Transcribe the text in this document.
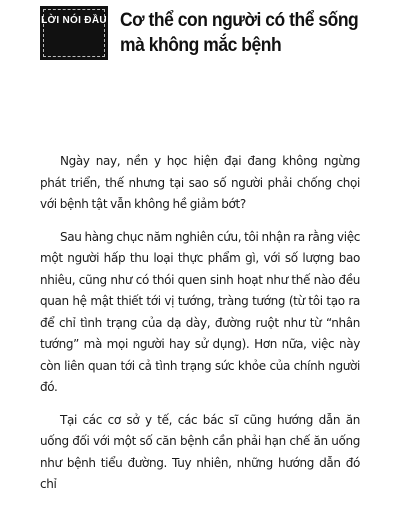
LỜI NÓI ĐẦU Cơ thể con người có thể sống
mà không mắc bệnh

Ngày nay, nền y học hiện đại đang không ngừng phát triển, thế nhưng tại sao số người phải chống chọi với bệnh tật vẫn không hề giảm bớt?

Sau hàng chục năm nghiên cứu, tôi nhận ra rằng việc một người hấp thu loại thực phẩm gì, với số lượng bao nhiêu, cũng như có thói quen sinh hoạt như thế nào đều quan hệ mật thiết tới vị tướng, tràng tướng (từ tôi tạo ra để chỉ tình trạng của dạ dày, đường ruột như từ “nhân tướng” mà mọi người hay sử dụng). Hơn nữa, việc này còn liên quan tới cả tình trạng sức khỏe của chính người đó.

Tại các cơ sở y tế, các bác sĩ cũng hướng dẫn ăn uống đối với một số căn bệnh cần phải hạn chế ăn uống như bệnh tiểu đường. Tuy nhiên, những hướng dẫn đó chỉ
